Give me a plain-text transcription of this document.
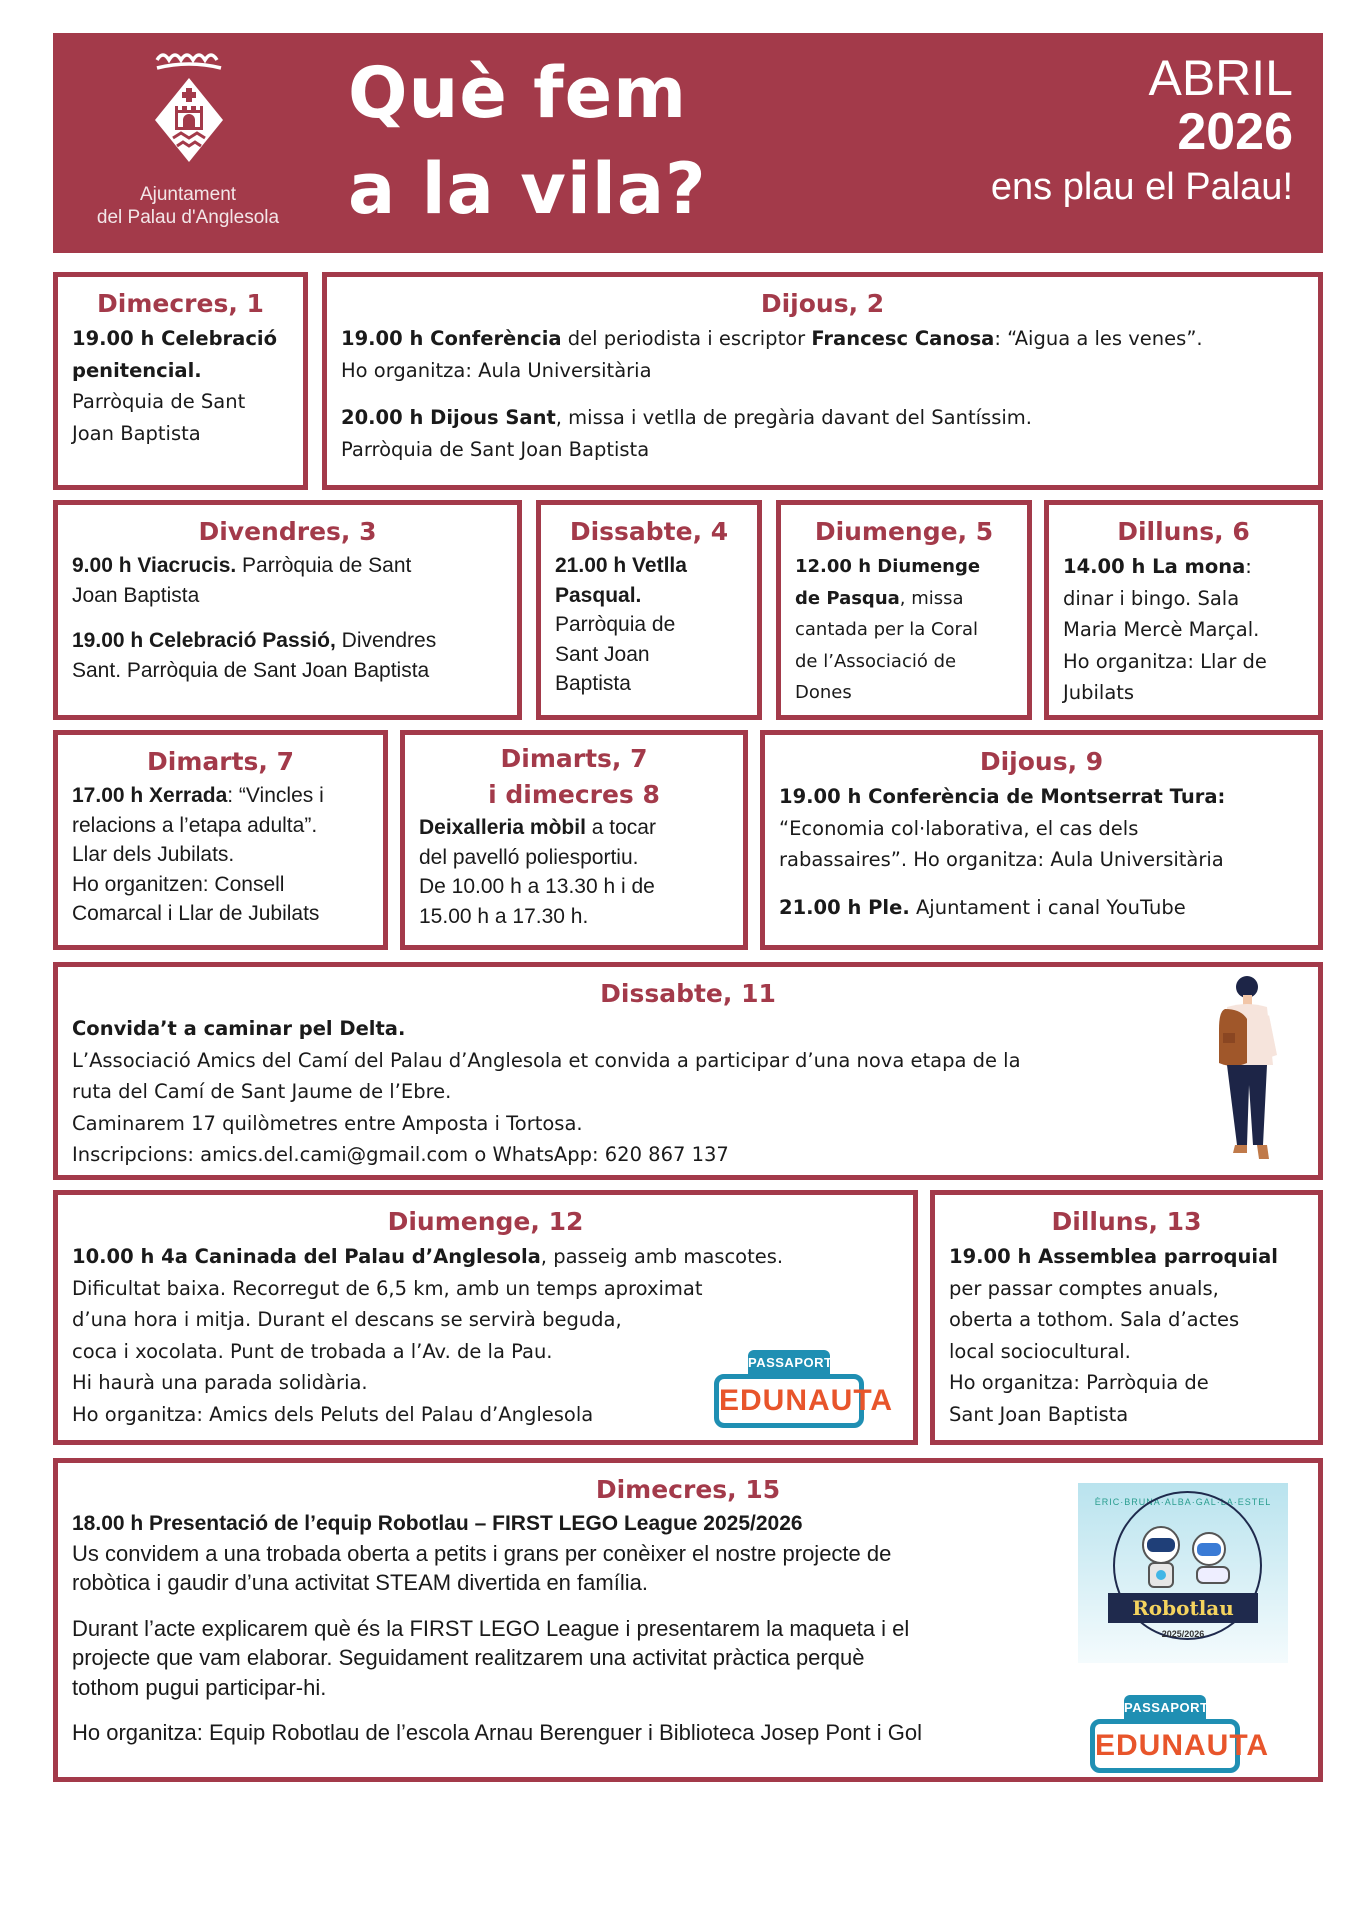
Ajuntament
del Palau d'Anglesola
Què fem
a la vila?
ABRIL
2026
ens plau el Palau!
Dimecres, 1
19.00 h Celebració
penitencial.
Parròquia de Sant
Joan Baptista
Dijous, 2
19.00 h Conferència del periodista i escriptor Francesc Canosa: “Aigua a les venes”.
Ho organitza: Aula Universitària
20.00 h Dijous Sant, missa i vetlla de pregària davant del Santíssim.
Parròquia de Sant Joan Baptista
Divendres, 3
9.00 h Viacrucis. Parròquia de Sant
Joan Baptista
19.00 h Celebració Passió, Divendres
Sant. Parròquia de Sant Joan Baptista
Dissabte, 4
21.00 h Vetlla
Pasqual.
Parròquia de
Sant Joan
Baptista
Diumenge, 5
12.00 h Diumenge
de Pasqua, missa
cantada per la Coral
de l’Associació de
Dones
Dilluns, 6
14.00 h La mona:
dinar i bingo. Sala
Maria Mercè Marçal.
Ho organitza: Llar de
Jubilats
Dimarts, 7
17.00 h Xerrada: “Vincles i
relacions a l’etapa adulta”.
Llar dels Jubilats.
Ho organitzen: Consell
Comarcal i Llar de Jubilats
Dimarts, 7
i dimecres 8
Deixalleria mòbil a tocar
del pavelló poliesportiu.
De 10.00 h a 13.30 h i de
15.00 h a 17.30 h.
Dijous, 9
19.00 h Conferència de Montserrat Tura:
“Economia col·laborativa, el cas dels
rabassaires”. Ho organitza: Aula Universitària
21.00 h Ple. Ajuntament i canal YouTube
Dissabte, 11
Convida’t a caminar pel Delta.
L’Associació Amics del Camí del Palau d’Anglesola et convida a participar d’una nova etapa de la
ruta del Camí de Sant Jaume de l’Ebre.
Caminarem 17 quilòmetres entre Amposta i Tortosa.
Inscripcions: amics.del.cami@gmail.com o WhatsApp: 620 867 137
Diumenge, 12
10.00 h 4a Caninada del Palau d’Anglesola, passeig amb mascotes.
Dificultat baixa. Recorregut de 6,5 km, amb un temps aproximat
d’una hora i mitja. Durant el descans se servirà beguda,
coca i xocolata. Punt de trobada a l’Av. de la Pau.
Hi haurà una parada solidària.
Ho organitza: Amics dels Peluts del Palau d’Anglesola
PASSAPORT
EDUNAUTA
Dilluns, 13
19.00 h Assemblea parroquial
per passar comptes anuals,
oberta a tothom. Sala d’actes
local sociocultural.
Ho organitza: Parròquia de
Sant Joan Baptista
Dimecres, 15
18.00 h Presentació de l’equip Robotlau – FIRST LEGO League 2025/2026
Us convidem a una trobada oberta a petits i grans per conèixer el nostre projecte de
robòtica i gaudir d’una activitat STEAM divertida en família.
Durant l’acte explicarem què és la FIRST LEGO League i presentarem la maqueta i el
projecte que vam elaborar. Seguidament realitzarem una activitat pràctica perquè
tothom pugui participar-hi.
Ho organitza: Equip Robotlau de l’escola Arnau Berenguer i Biblioteca Josep Pont i Gol
ÈRIC·BRUNA·ALBA·GAL·LA·ESTEL
Robotlau
2025/2026
PASSAPORT
EDUNAUTA
